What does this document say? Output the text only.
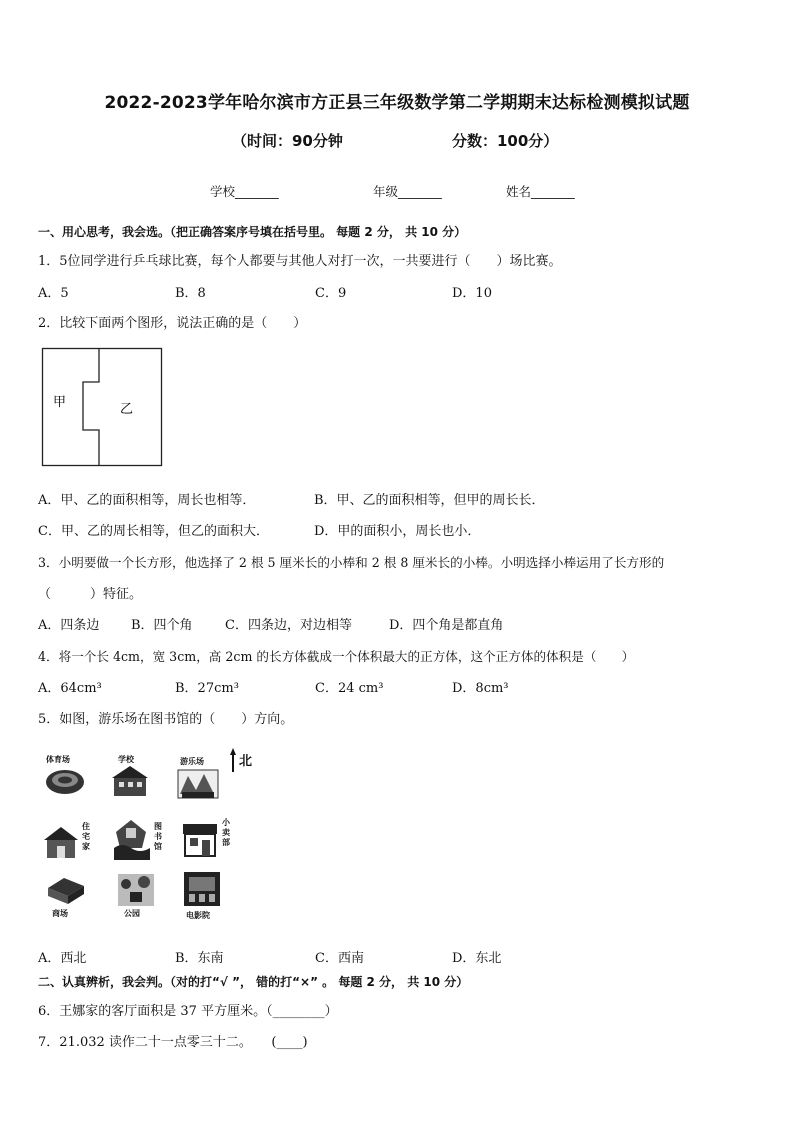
2022-2023学年哈尔滨市方正县三年级数学第二学期期末达标检测模拟试题
（时间：90分钟	分数：100分）
学校_______	年级_______	姓名_______
一、用心思考，我会选。（把正确答案序号填在括号里。 每题 2 分， 共 10 分）
1．5位同学进行乒乓球比赛，每个人都要与其他人对打一次，一共要进行（　　）场比赛。
A．5	B．8	C．9	D．10
2．比较下面两个图形，说法正确的是（　　）
甲	乙
A．甲、乙的面积相等，周长也相等．	B．甲、乙的面积相等，但甲的周长长．
C．甲、乙的周长相等，但乙的面积大．	D．甲的面积小，周长也小．
3．小明要做一个长方形，他选择了 2 根 5 厘米长的小棒和 2 根 8 厘米长的小棒。小明选择小棒运用了长方形的
（　　　）特征。
A．四条边 B．四个角 C．四条边，对边相等	D．四个角是都直角
4．将一个长 4cm，宽 3cm，高 2cm 的长方体截成一个体积最大的正方体，这个正方体的体积是（　　）
A．64cm³	B．27cm³	C．24 cm³	D．8cm³
5．如图，游乐场在图书馆的（　　）方向。
北
体育场	学校	游乐场
住宅家
图书馆
小卖部
商场	公园	电影院
A．西北	B．东南	C．西南	D．东北
二、认真辨析，我会判。（对的打“√ ”， 错的打“×” 。 每题 2 分， 共 10 分）
6．王娜家的客厅面积是 37 平方厘米。（________）
7．21.032 读作二十一点零三十二。　　(____)
